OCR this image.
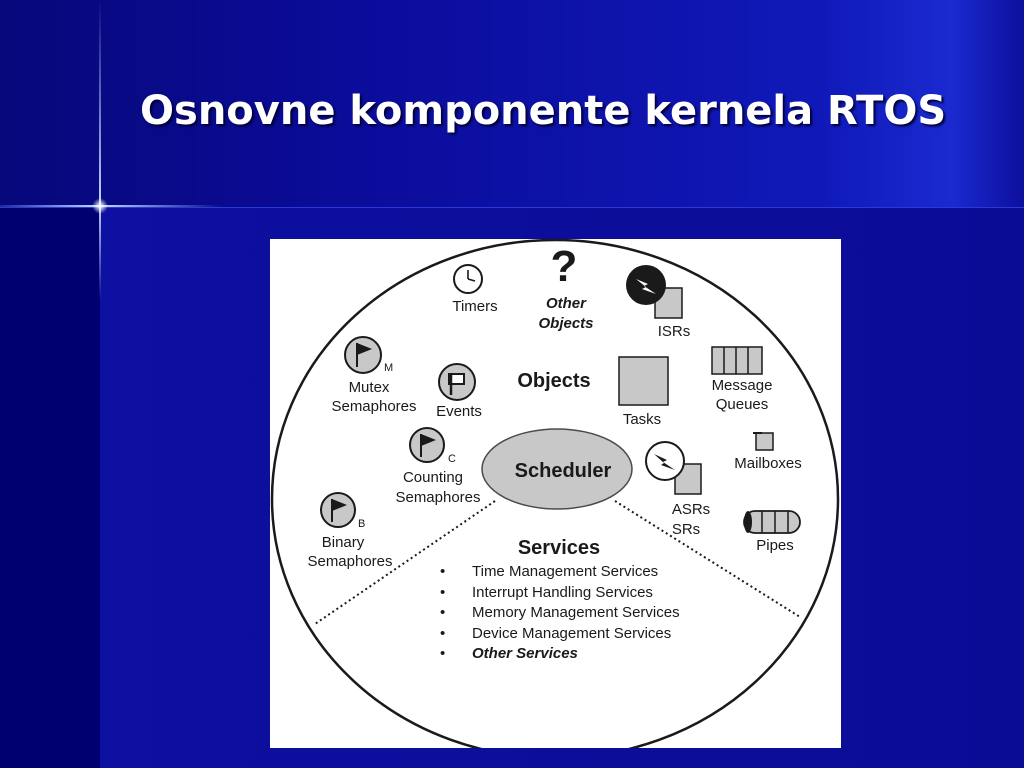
Osnovne komponente kernela RTOS
Scheduler
Objects
Timers
?
Other
Objects	ISRs
M
Mutex
Semaphores Events	Tasks
Message
Queues
Mailboxes
C
Counting
Semaphores
ASRs
SRs
Pipes
B
Binary
Semaphores
Services
• Time Management Services
• Interrupt Handling Services
• Memory Management Services
• Device Management Services
• Other Services
